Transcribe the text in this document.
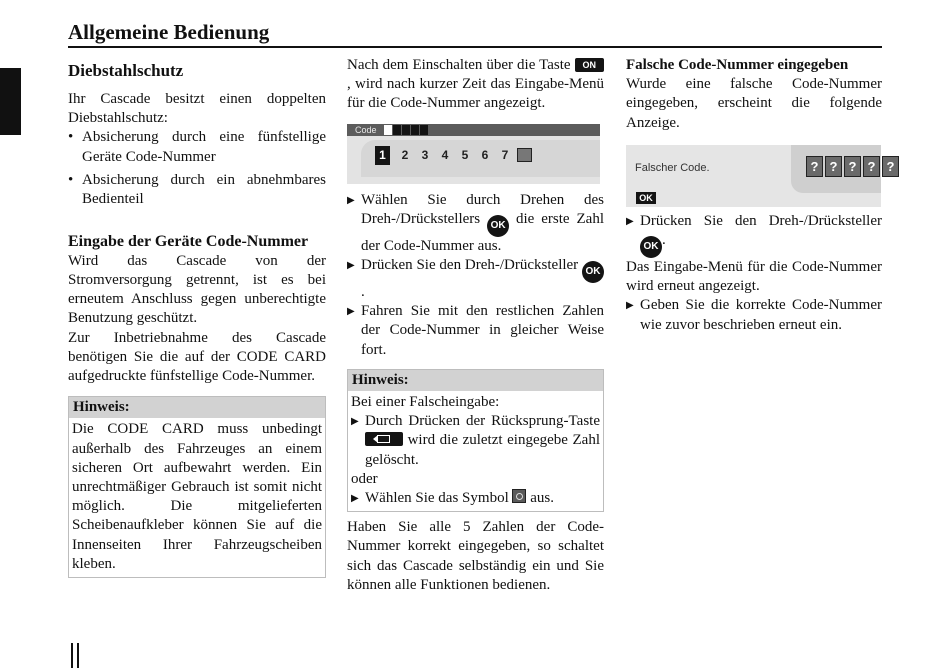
Allgemeine Bedienung
Diebstahlschutz

Ihr Cascade besitzt einen doppelten Diebstahlschutz:

• Absicherung durch eine fünfstellige Geräte Code-Nummer
• Absicherung durch ein abnehmbares Bedienteil
Eingabe der Geräte Code-Nummer

Wird das Cascade von der Stromversorgung getrennt, ist es bei erneutem Anschluss gegen unberechtigte Benutzung geschützt.

Zur Inbetriebnahme des Cascade benötigen Sie die auf der CODE CARD aufgedruckte fünfstellige Code-Nummer.

Hinweis:

Die CODE CARD muss unbedingt außerhalb des Fahrzeuges an einem sicheren Ort aufbewahrt werden. Ein unrechtmäßiger Gebrauch ist somit nicht möglich. Die mitgelieferten Scheibenaufkleber können Sie auf die Innenseiten Ihrer Fahrzeugscheiben kleben.

Nach dem Einschalten über die Taste ON, wird nach kurzer Zeit das Eingabe-Menü für die Code-Nummer angezeigt.

Code
1	2	3	4	5	6	7
▶ Wählen Sie durch Drehen des Dreh-/Drückstellers OK die erste Zahl der Code-Nummer aus.
▶ Drücken Sie den Dreh-/Drücksteller OK.
▶ Fahren Sie mit den restlichen Zahlen der Code-Nummer in gleicher Weise fort.
Hinweis:

Bei einer Falscheingabe:

▶ Durch Drücken der Rücksprung-Taste  wird die zuletzt eingegebe Zahl gelöscht.

oder

▶ Wählen Sie das Symbol aus.

Haben Sie alle 5 Zahlen der Code-Nummer korrekt eingegeben, so schaltet sich das Cascade selbständig ein und Sie können alle Funktionen bedienen.

Falsche Code-Nummer eingegeben

Wurde eine falsche Code-Nummer eingegeben, erscheint die folgende Anzeige.

Falscher Code.
OK
? ? ? ? ?
▶ Drücken Sie den Dreh-/Drücksteller OK .

Das Eingabe-Menü für die Code-Nummer wird erneut angezeigt.

▶ Geben Sie die korrekte Code-Nummer wie zuvor beschrieben erneut ein.
